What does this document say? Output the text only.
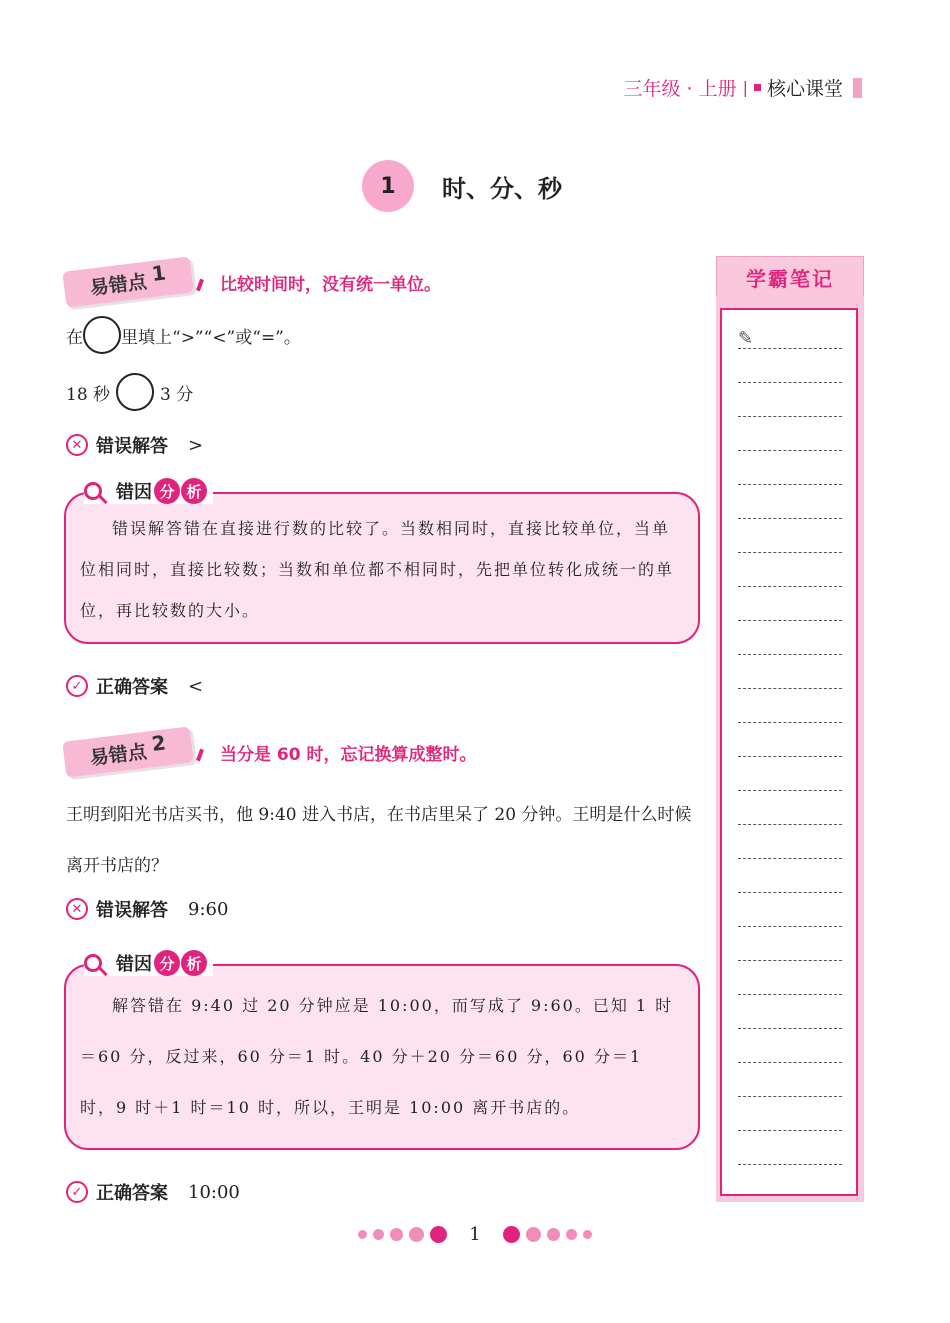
三年级 · 上册 | 核心课堂
1	时、分、秒
易错点 1	比较时间时，没有统一单位。
在 里填上“>”“<”或“=”。
18 秒	3 分
✕ 错误解答 >
错误解答错在直接进行数的比较了。当数相同时，直接比较单位，当单位相同时，直接比较数；当数和单位都不相同时，先把单位转化成统一的单位，再比较数的大小。
错因 分 析
✓ 正确答案 <
易错点 2	当分是 60 时，忘记换算成整时。
王明到阳光书店买书，他 9:40 进入书店，在书店里呆了 20 分钟。王明是什么时候离开书店的？
✕ 错误解答 9:60
解答错在 9:40 过 20 分钟应是 10:00，而写成了 9:60。已知 1 时＝60 分，反过来，60 分＝1 时。40 分＋20 分＝60 分，60 分＝1 时，9 时＋1 时＝10 时，所以，王明是 10:00 离开书店的。
错因 分 析
✓ 正确答案 10:00
学霸笔记
✎
1
